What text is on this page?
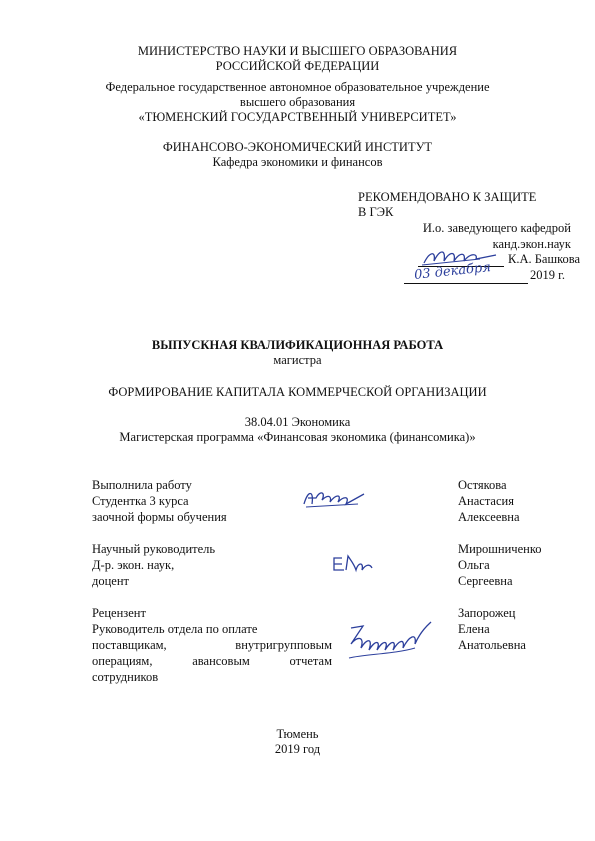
МИНИСТЕРСТВО НАУКИ И ВЫСШЕГО ОБРАЗОВАНИЯ
РОССИЙСКОЙ ФЕДЕРАЦИИ
Федеральное государственное автономное образовательное учреждение
высшего образования
«ТЮМЕНСКИЙ ГОСУДАРСТВЕННЫЙ УНИВЕРСИТЕТ»
ФИНАНСОВО-ЭКОНОМИЧЕСКИЙ ИНСТИТУТ
Кафедра экономики и финансов
РЕКОМЕНДОВАНО К ЗАЩИТЕ
В ГЭК
И.о. заведующего кафедрой
канд.экон.наук
К.А. Башкова
03 декабря	2019 г.
ВЫПУСКНАЯ КВАЛИФИКАЦИОННАЯ РАБОТА
магистра
ФОРМИРОВАНИЕ КАПИТАЛА КОММЕРЧЕСКОЙ ОРГАНИЗАЦИИ
38.04.01 Экономика
Магистерская программа «Финансовая экономика (финансомика)»
Выполнила работу
Студентка 3 курса
заочной формы обучения
Остякова
Анастасия
Алексеевна
Научный руководитель
Д-р. экон. наук,
доцент
Мирошниченко
Ольга
Сергеевна
Рецензент
Руководитель отдела по оплате
поставщикам, внутригрупповым
операциям, авансовым отчетам
сотрудников
Запорожец
Елена
Анатольевна
Тюмень
2019 год
